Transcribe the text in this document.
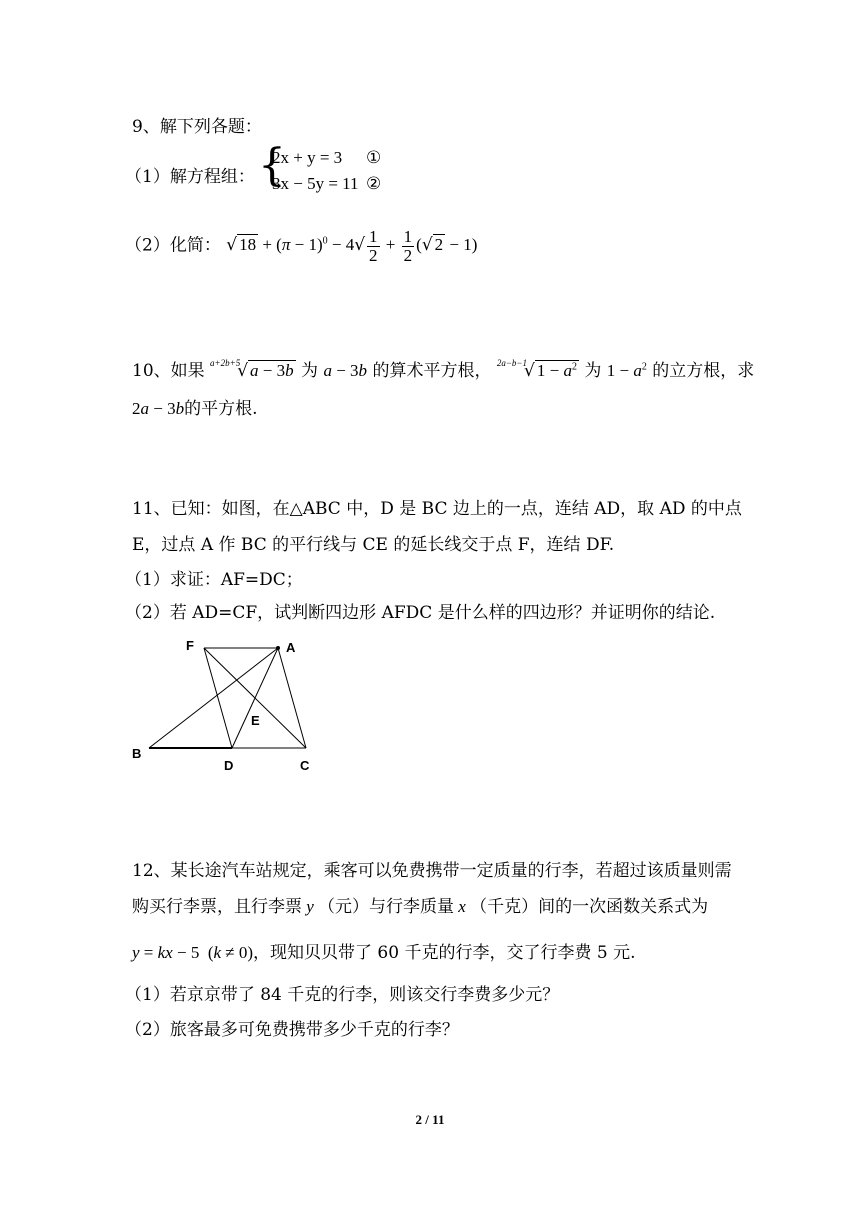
9、解下列各题：
（1）解方程组： {
2x + y = 3 ①
3x − 5y = 11 ②
（2）化简： √ $18 + (\pi - 1)^0 - 4√ \frac{1}{2} + \frac{1}{2}$ (√ 2 − 1)
10、如果 $^{a+2b+5}$√ a − 3b 为 a − 3b 的算术平方根， $^{2a-b-1}$√ $1 - a^2$ 为 $1 - a^2$ 的立方根，求
2a − 3b的平方根.
11、已知：如图，在△ABC 中，D 是 BC 边上的一点，连结 AD，取 AD 的中点
E，过点 A 作 BC 的平行线与 CE 的延长线交于点 F，连结 DF.
（1）求证：AF=DC；
（2）若 AD=CF，试判断四边形 AFDC 是什么样的四边形？并证明你的结论.
F	A
E
B
D	C
12、某长途汽车站规定，乘客可以免费携带一定质量的行李，若超过该质量则需
购买行李票，且行李票 y （元）与行李质量 x （千克）间的一次函数关系式为
y = kx − 5  (k ≠ 0)，现知贝贝带了 60 千克的行李，交了行李费 5 元.
（1）若京京带了 84 千克的行李，则该交行李费多少元？
（2）旅客最多可免费携带多少千克的行李？
2 / 11
